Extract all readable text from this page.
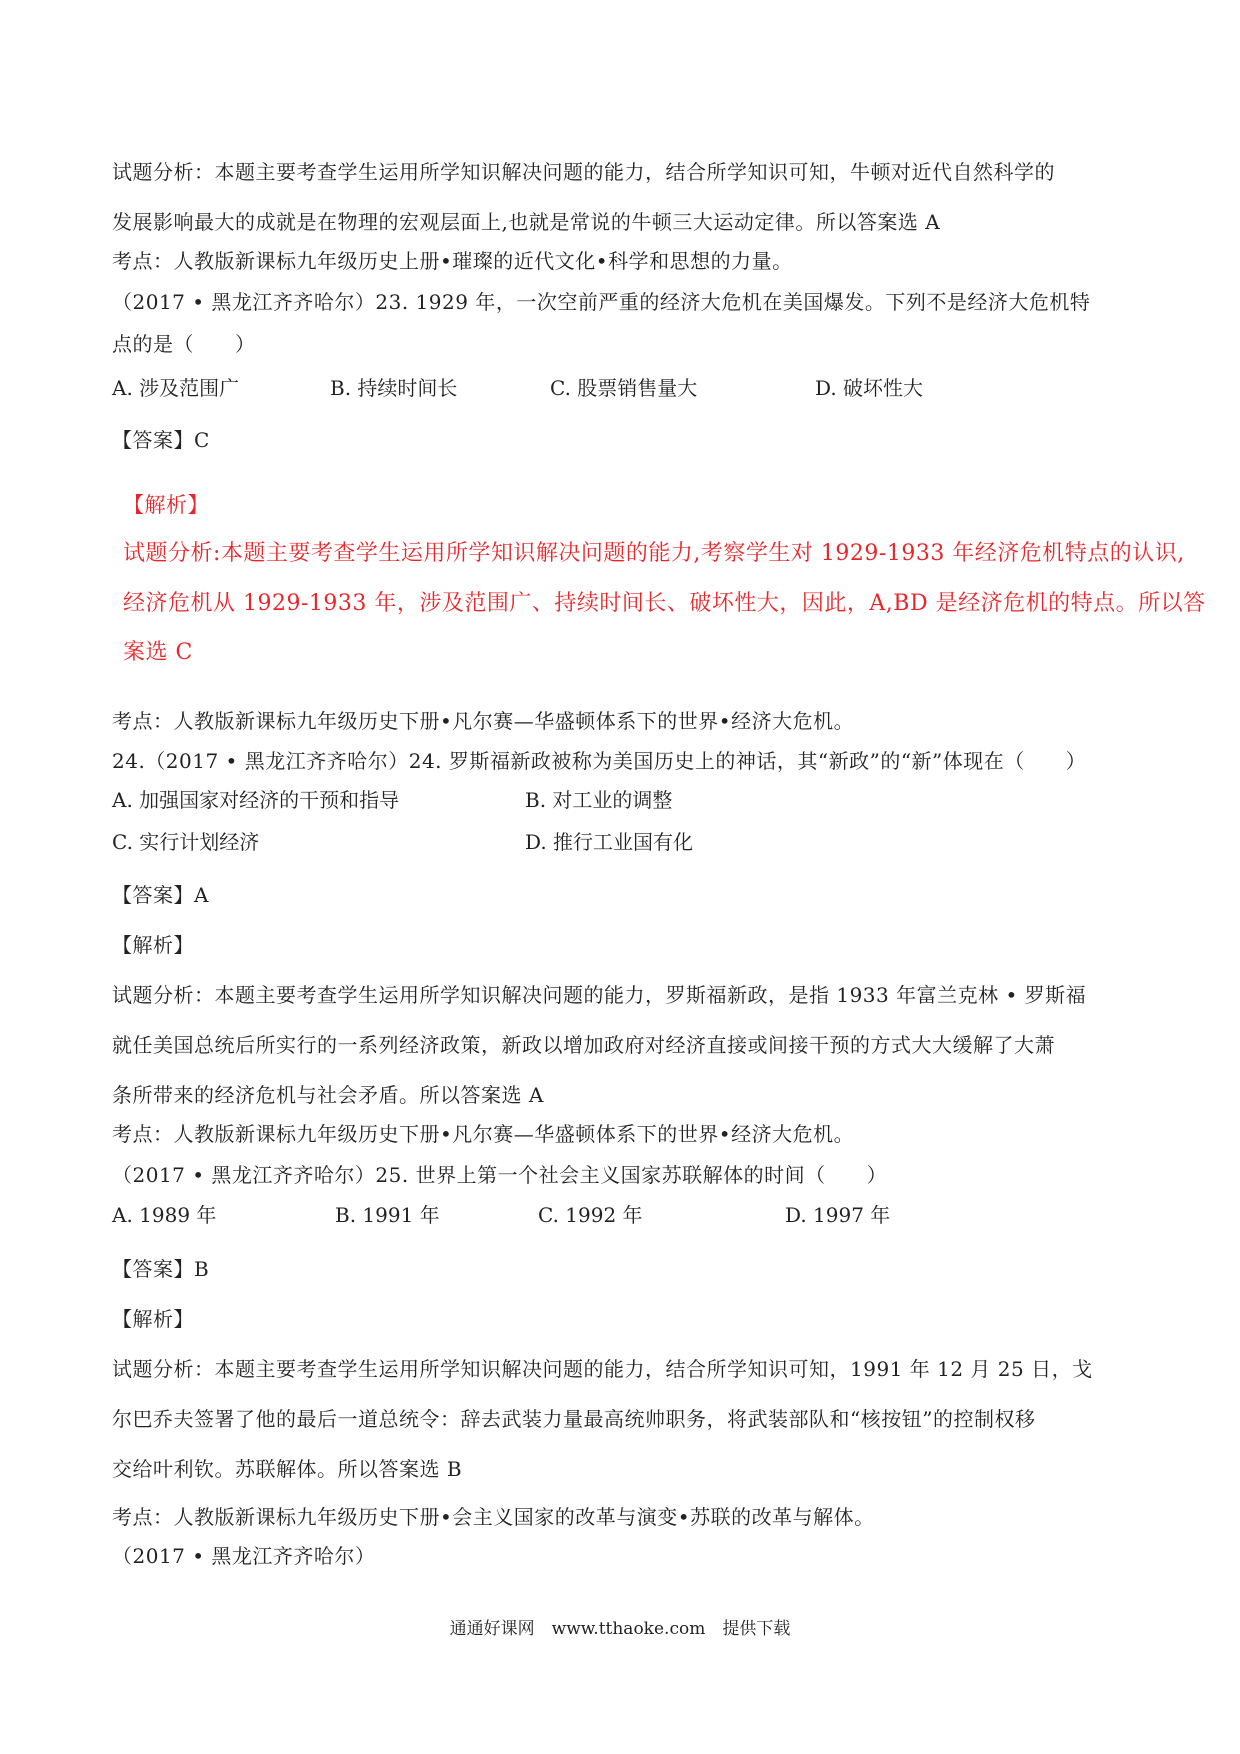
试题分析：本题主要考查学生运用所学知识解决问题的能力，结合所学知识可知，牛顿对近代自然科学的
发展影响最大的成就是在物理的宏观层面上,也就是常说的牛顿三大运动定律。所以答案选 A
考点：人教版新课标九年级历史上册•璀璨的近代文化•科学和思想的力量。
（2017 • 黑龙江齐齐哈尔）23. 1929 年，一次空前严重的经济大危机在美国爆发。下列不是经济大危机特
点的是（　　）
A. 涉及范围广	B. 持续时间长	C. 股票销售量大	D. 破坏性大
【答案】C
【解析】
试题分析:本题主要考查学生运用所学知识解决问题的能力,考察学生对 1929-1933 年经济危机特点的认识,
经济危机从 1929-1933 年，涉及范围广、持续时间长、破坏性大，因此，A,BD 是经济危机的特点。所以答
案选 C
考点：人教版新课标九年级历史下册•凡尔赛—华盛顿体系下的世界•经济大危机。
24.（2017 • 黑龙江齐齐哈尔）24. 罗斯福新政被称为美国历史上的神话，其“新政”的“新”体现在（　　）
A. 加强国家对经济的干预和指导	B. 对工业的调整
C. 实行计划经济	D. 推行工业国有化
【答案】A
【解析】
试题分析：本题主要考查学生运用所学知识解决问题的能力，罗斯福新政，是指 1933 年富兰克林 • 罗斯福
就任美国总统后所实行的一系列经济政策，新政以增加政府对经济直接或间接干预的方式大大缓解了大萧
条所带来的经济危机与社会矛盾。所以答案选 A
考点：人教版新课标九年级历史下册•凡尔赛—华盛顿体系下的世界•经济大危机。
（2017 • 黑龙江齐齐哈尔）25. 世界上第一个社会主义国家苏联解体的时间（　　）
A. 1989 年	B. 1991 年	C. 1992 年	D. 1997 年
【答案】B
【解析】
试题分析：本题主要考查学生运用所学知识解决问题的能力，结合所学知识可知，1991 年 12 月 25 日，戈
尔巴乔夫签署了他的最后一道总统令：辞去武装力量最高统帅职务，将武装部队和“核按钮”的控制权移
交给叶利钦。苏联解体。所以答案选 B
考点：人教版新课标九年级历史下册•会主义国家的改革与演变•苏联的改革与解体。
（2017 • 黑龙江齐齐哈尔）
通通好课网　www.tthaoke.com　提供下载
